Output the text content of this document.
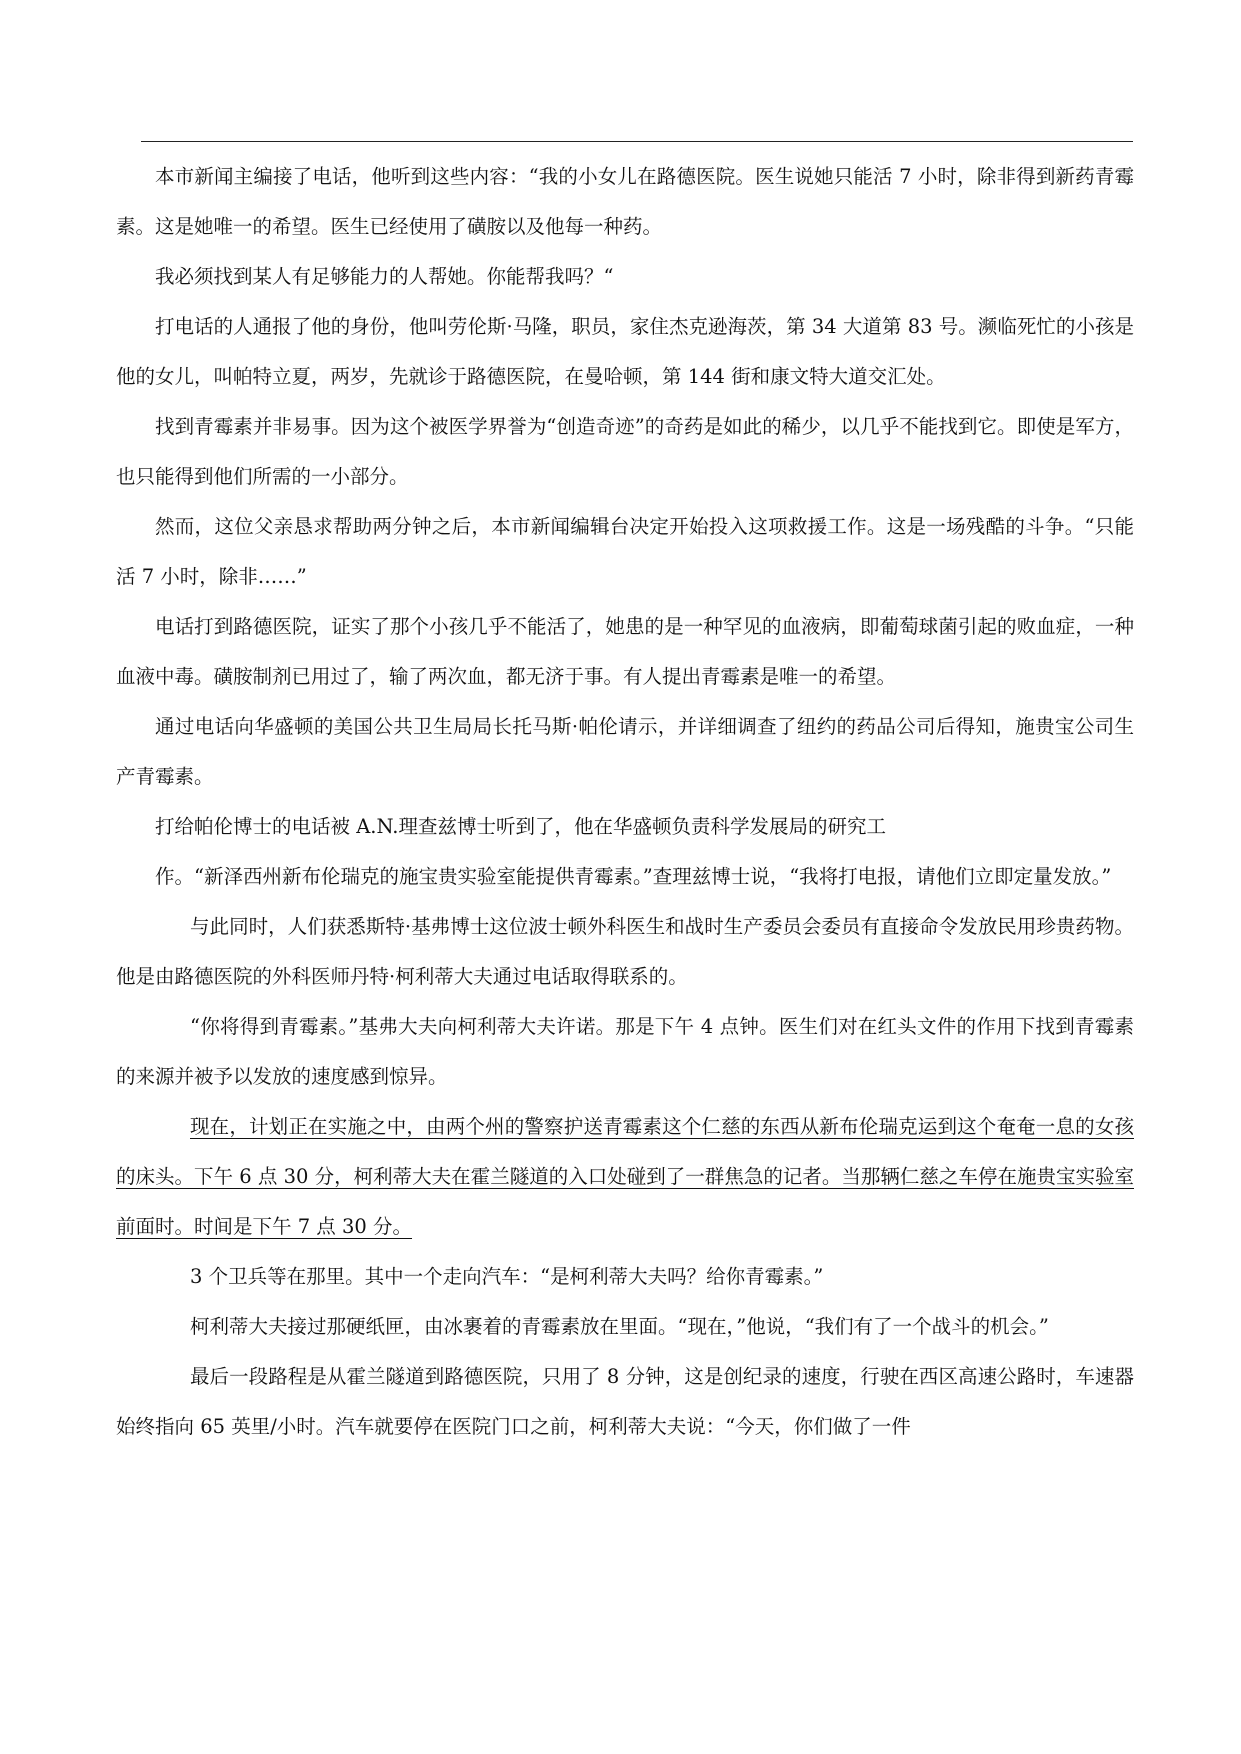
本市新闻主编接了电话，他听到这些内容：“我的小女儿在路德医院。医生说她只能活 7 小时，除非得到新药青霉素。这是她唯一的希望。医生已经使用了磺胺以及他每一种药。

我必须找到某人有足够能力的人帮她。你能帮我吗？“

打电话的人通报了他的身份，他叫劳伦斯·马隆，职员，家住杰克逊海茨，第 34 大道第 83 号。濒临死忙的小孩是他的女儿，叫帕特立夏，两岁，先就诊于路德医院，在曼哈顿，第 144 街和康文特大道交汇处。

找到青霉素并非易事。因为这个被医学界誉为“创造奇迹”的奇药是如此的稀少，以几乎不能找到它。即使是军方，也只能得到他们所需的一小部分。

然而，这位父亲恳求帮助两分钟之后，本市新闻编辑台决定开始投入这项救援工作。这是一场残酷的斗争。“只能活 7 小时，除非……”

电话打到路德医院，证实了那个小孩几乎不能活了，她患的是一种罕见的血液病，即葡萄球菌引起的败血症，一种血液中毒。磺胺制剂已用过了，输了两次血，都无济于事。有人提出青霉素是唯一的希望。

通过电话向华盛顿的美国公共卫生局局长托马斯·帕伦请示，并详细调查了纽约的药品公司后得知，施贵宝公司生产青霉素。

打给帕伦博士的电话被 A.N.理查兹博士听到了，他在华盛顿负责科学发展局的研究工

作。“新泽西州新布伦瑞克的施宝贵实验室能提供青霉素。”查理兹博士说，“我将打电报，请他们立即定量发放。”

与此同时，人们获悉斯特·基弗博士这位波士顿外科医生和战时生产委员会委员有直接命令发放民用珍贵药物。他是由路德医院的外科医师丹特·柯利蒂大夫通过电话取得联系的。

“你将得到青霉素。”基弗大夫向柯利蒂大夫许诺。那是下午 4 点钟。医生们对在红头文件的作用下找到青霉素的来源并被予以发放的速度感到惊异。

现在，计划正在实施之中，由两个州的警察护送青霉素这个仁慈的东西从新布伦瑞克运到这个奄奄一息的女孩的床头。下午 6 点 30 分，柯利蒂大夫在霍兰隧道的入口处碰到了一群焦急的记者。当那辆仁慈之车停在施贵宝实验室前面时。时间是下午 7 点 30 分。

3 个卫兵等在那里。其中一个走向汽车：“是柯利蒂大夫吗？给你青霉素。”

柯利蒂大夫接过那硬纸匣，由冰裹着的青霉素放在里面。“现在，”他说，“我们有了一个战斗的机会。”

最后一段路程是从霍兰隧道到路德医院，只用了 8 分钟，这是创纪录的速度，行驶在西区高速公路时，车速器始终指向 65 英里/小时。汽车就要停在医院门口之前，柯利蒂大夫说：“今天，你们做了一件
